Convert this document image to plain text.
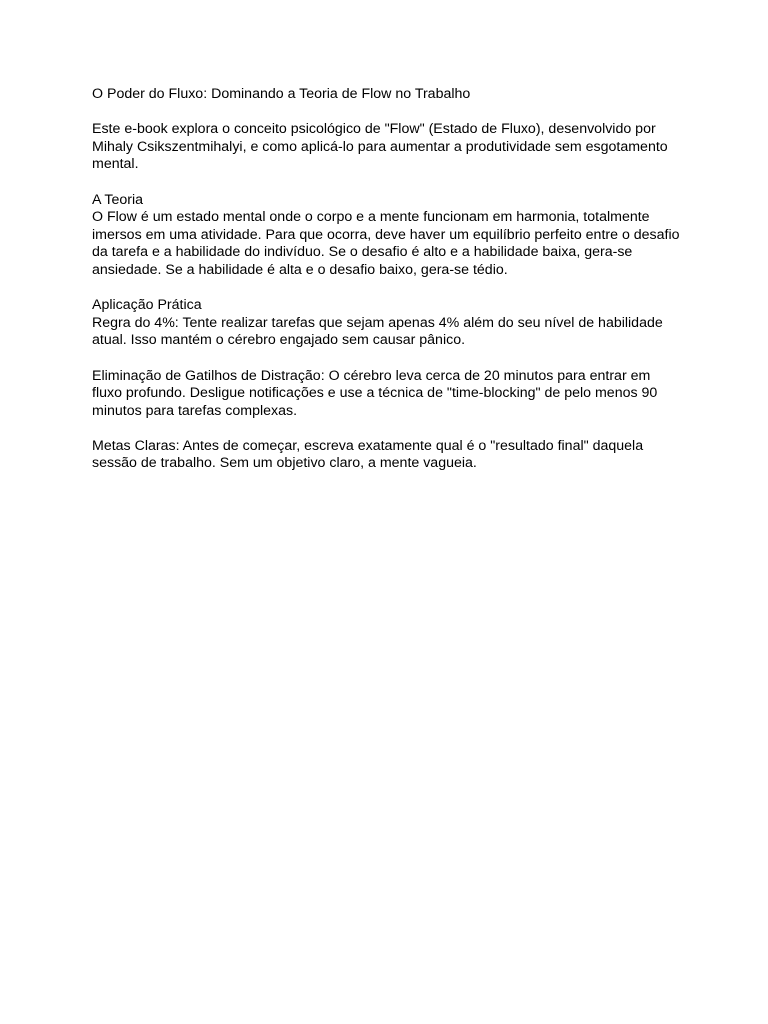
O Poder do Fluxo: Dominando a Teoria de Flow no Trabalho

Este e-book explora o conceito psicológico de "Flow" (Estado de Fluxo), desenvolvido por Mihaly Csikszentmihalyi, e como aplicá-lo para aumentar a produtividade sem esgotamento mental.

A Teoria

O Flow é um estado mental onde o corpo e a mente funcionam em harmonia, totalmente imersos em uma atividade. Para que ocorra, deve haver um equilíbrio perfeito entre o desafio da tarefa e a habilidade do indivíduo. Se o desafio é alto e a habilidade baixa, gera-se ansiedade. Se a habilidade é alta e o desafio baixo, gera-se tédio.

Aplicação Prática

Regra do 4%: Tente realizar tarefas que sejam apenas 4% além do seu nível de habilidade atual. Isso mantém o cérebro engajado sem causar pânico.

Eliminação de Gatilhos de Distração: O cérebro leva cerca de 20 minutos para entrar em fluxo profundo. Desligue notificações e use a técnica de "time-blocking" de pelo menos 90 minutos para tarefas complexas.

Metas Claras: Antes de começar, escreva exatamente qual é o "resultado final" daquela sessão de trabalho. Sem um objetivo claro, a mente vagueia.
